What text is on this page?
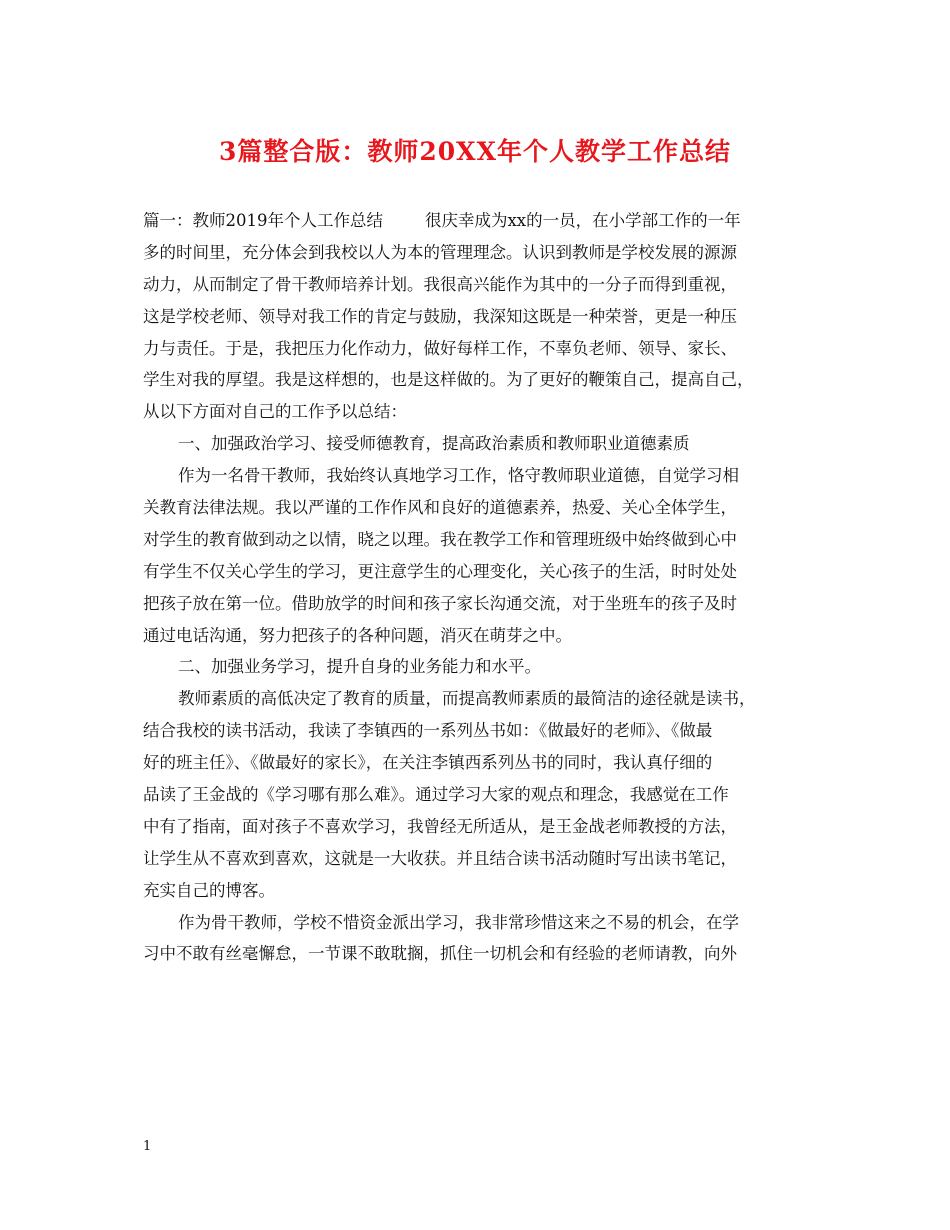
3篇整合版：教师20XX年个人教学工作总结
篇一：教师2019年个人工作总结	很庆幸成为xx的一员，在小学部工作的一年
多的时间里，充分体会到我校以人为本的管理理念。认识到教师是学校发展的源源
动力，从而制定了骨干教师培养计划。我很高兴能作为其中的一分子而得到重视，
这是学校老师、领导对我工作的肯定与鼓励，我深知这既是一种荣誉，更是一种压
力与责任。于是，我把压力化作动力，做好每样工作，不辜负老师、领导、家长、
学生对我的厚望。我是这样想的，也是这样做的。为了更好的鞭策自己，提高自己，
从以下方面对自己的工作予以总结：
一、加强政治学习、接受师德教育，提高政治素质和教师职业道德素质
作为一名骨干教师，我始终认真地学习工作，恪守教师职业道德，自觉学习相
关教育法律法规。我以严谨的工作作风和良好的道德素养，热爱、关心全体学生，
对学生的教育做到动之以情，晓之以理。我在教学工作和管理班级中始终做到心中
有学生不仅关心学生的学习，更注意学生的心理变化，关心孩子的生活，时时处处
把孩子放在第一位。借助放学的时间和孩子家长沟通交流，对于坐班车的孩子及时
通过电话沟通，努力把孩子的各种问题，消灭在萌芽之中。
二、加强业务学习，提升自身的业务能力和水平。
教师素质的高低决定了教育的质量，而提高教师素质的最简洁的途径就是读书，
结合我校的读书活动，我读了李镇西的一系列丛书如：《做最好的老师》、《做最
好的班主任》、《做最好的家长》，在关注李镇西系列丛书的同时，我认真仔细的
品读了王金战的《学习哪有那么难》。通过学习大家的观点和理念，我感觉在工作
中有了指南，面对孩子不喜欢学习，我曾经无所适从，是王金战老师教授的方法，
让学生从不喜欢到喜欢，这就是一大收获。并且结合读书活动随时写出读书笔记，
充实自己的博客。
作为骨干教师，学校不惜资金派出学习，我非常珍惜这来之不易的机会，在学
习中不敢有丝毫懈怠，一节课不敢耽搁，抓住一切机会和有经验的老师请教，向外
1
